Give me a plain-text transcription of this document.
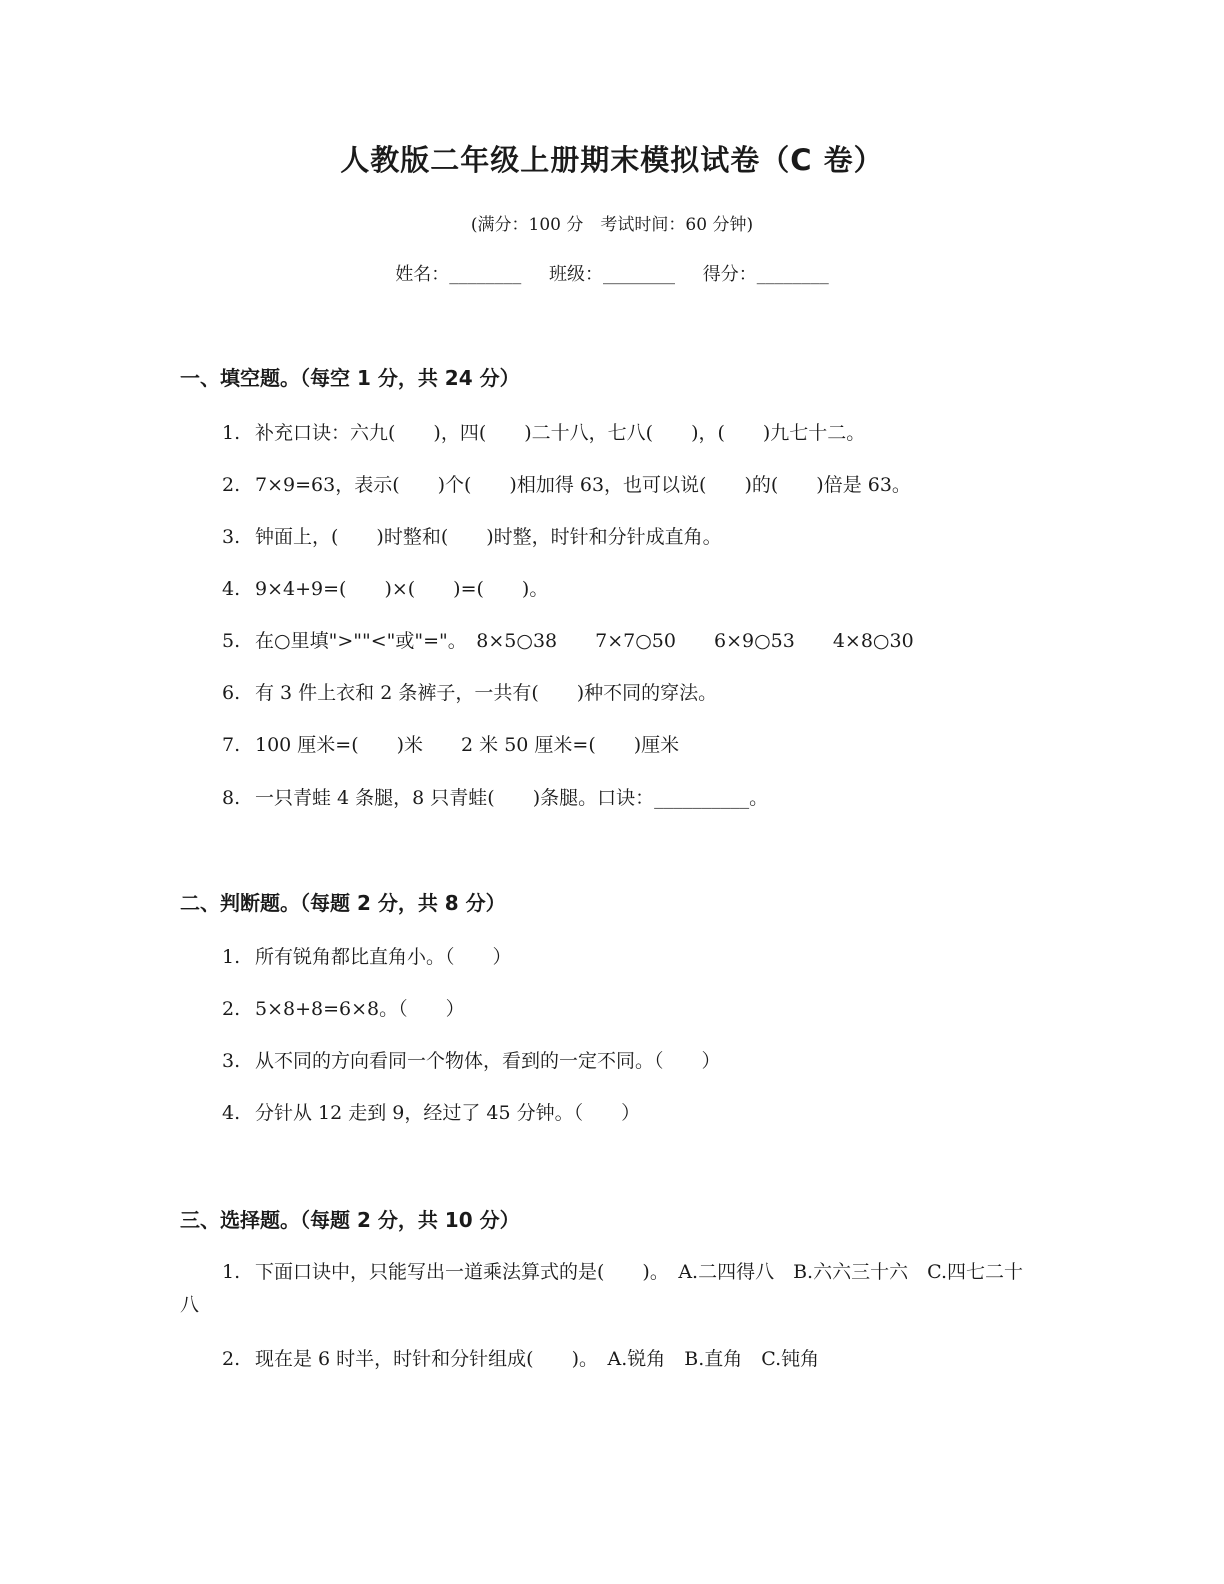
人教版二年级上册期末模拟试卷（C 卷）
(满分：100 分　考试时间：60 分钟)
姓名：________ 班级：________ 得分：________
一、填空题。（每空 1 分，共 24 分）
1. 补充口诀：六九(　　)，四(　　)二十八，七八(　　)，(　　)九七十二。
2. 7×9=63，表示(　　)个(　　)相加得 63，也可以说(　　)的(　　)倍是 63。
3. 钟面上，(　　)时整和(　　)时整，时针和分针成直角。
4. 9×4+9=(　　)×(　　)=(　　)。
5. 在○里填">""<"或"="。　8×5○38　　7×7○50　　6×9○53　　4×8○30
6. 有 3 件上衣和 2 条裤子，一共有(　　)种不同的穿法。
7. 100 厘米=(　　)米　　2 米 50 厘米=(　　)厘米
8. 一只青蛙 4 条腿，8 只青蛙(　　)条腿。口诀：__________。
二、判断题。（每题 2 分，共 8 分）
1. 所有锐角都比直角小。（　　）
2. 5×8+8=6×8。（　　）
3. 从不同的方向看同一个物体，看到的一定不同。（　　）
4. 分针从 12 走到 9，经过了 45 分钟。（　　）
三、选择题。（每题 2 分，共 10 分）
1. 下面口诀中，只能写出一道乘法算式的是(　　)。　A.二四得八　B.六六三十六　C.四七二十八
2. 现在是 6 时半，时针和分针组成(　　)。　A.锐角　B.直角　C.钝角
